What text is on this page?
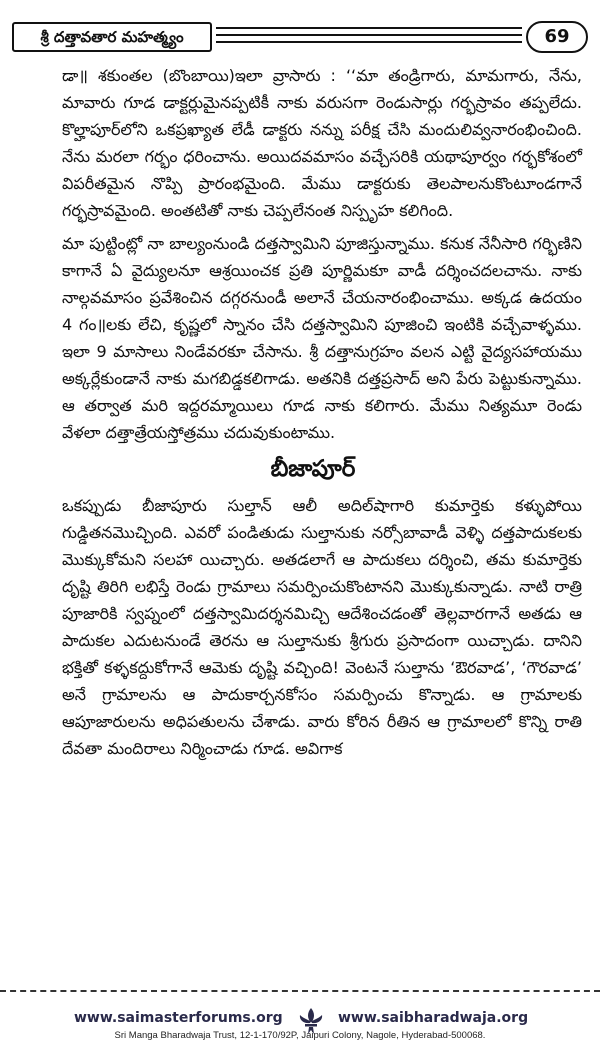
శ్రీ దత్తావతార మహత్మ్యం	69

డా॥ శకుంతల (బొంబాయి)ఇలా వ్రాసారు : ‘‘మా తండ్రిగారు, మామగారు, నేను, మావారు గూడ డాక్టర్లుమైనప్పటికీ నాకు వరుసగా రెండుసార్లు గర్భస్రావం తప్పలేదు. కొల్హాపూర్‌లోని ఒకప్రఖ్యాత లేడీ డాక్టరు నన్ను పరీక్ష చేసి మందులివ్వనారంభించింది. నేను మరలా గర్భం ధరించాను. అయిదవమాసం వచ్చేసరికి యథాపూర్వం గర్భకోశంలో విపరీతమైన నొప్పి ప్రారంభమైంది. మేము డాక్టరుకు తెలపాలనుకొంటూండగానే గర్భస్రావమైంది. అంతటితో నాకు చెప్పలేనంత నిస్పృహ కలిగింది.

మా పుట్టింట్లో నా బాల్యంనుండి దత్తస్వామిని పూజిస్తున్నాము. కనుక నేనీసారి గర్భిణిని కాగానే ఏ వైద్యులనూ ఆశ్రయించక ప్రతి పూర్ణిమకూ వాడీ దర్శించదలచాను. నాకు నాల్గవమాసం ప్రవేశించిన దగ్గరనుండీ అలానే చేయనారంభించాము. అక్కడ ఉదయం 4 గం॥లకు లేచి, కృష్ణలో స్నానం చేసి దత్తస్వామిని పూజించి ఇంటికి వచ్చేవాళ్ళము. ఇలా 9 మాసాలు నిండేవరకూ చేసాను. శ్రీ దత్తానుగ్రహం వలన ఎట్టి వైద్యసహాయము అక్కర్లేకుండానే నాకు మగబిడ్డకలిగాడు. అతనికి దత్తప్రసాద్ అని పేరు పెట్టుకున్నాము. ఆ తర్వాత మరి ఇద్దరమ్మాయిలు గూడ నాకు కలిగారు. మేము నిత్యమూ రెండు వేళలా దత్తాత్రేయస్తోత్రము చదువుకుంటాము.

బీజాపూర్

ఒకప్పుడు బీజాపూరు సుల్తాన్ ఆలీ అదిల్‌షాగారి కుమార్తెకు కళ్ళుపోయి గుడ్డితనమొచ్చింది. ఎవరో పండితుడు సుల్తానుకు నర్సోబావాడీ వెళ్ళి దత్తపాదుకలకు మొక్కుకోమని సలహా యిచ్చారు. అతడలాగే ఆ పాదుకలు దర్శించి, తమ కుమార్తెకు దృష్టి తిరిగి లభిస్తే రెండు గ్రామాలు సమర్పించుకొంటానని మొక్కుకున్నాడు. నాటి రాత్రి పూజారికి స్వప్నంలో దత్తస్వామిదర్శనమిచ్చి ఆదేశించడంతో తెల్లవారగానే అతడు ఆ పాదుకల ఎదుటనుండే తెరను ఆ సుల్తానుకు శ్రీగురు ప్రసాదంగా యిచ్చాడు. దానిని భక్తితో కళ్ళకద్దుకోగానే ఆమెకు దృష్టి వచ్చింది! వెంటనే సుల్తాను ‘ఔరవాడ’, ‘గౌరవాడ’ అనే గ్రామాలను ఆ పాదుకార్చనకోసం సమర్పించు కొన్నాడు. ఆ గ్రామాలకు ఆపూజారులను అధిపతులను చేశాడు. వారు కోరిన రీతిన ఆ గ్రామాలలో కొన్ని రాతి దేవతా మందిరాలు నిర్మించాడు గూడ. అవిగాక

www.saimasterforums.org	www.saibharadwaja.org
Sri Manga Bharadwaja Trust, 12-1-170/92P, Jaipuri Colony, Nagole, Hyderabad-500068.
